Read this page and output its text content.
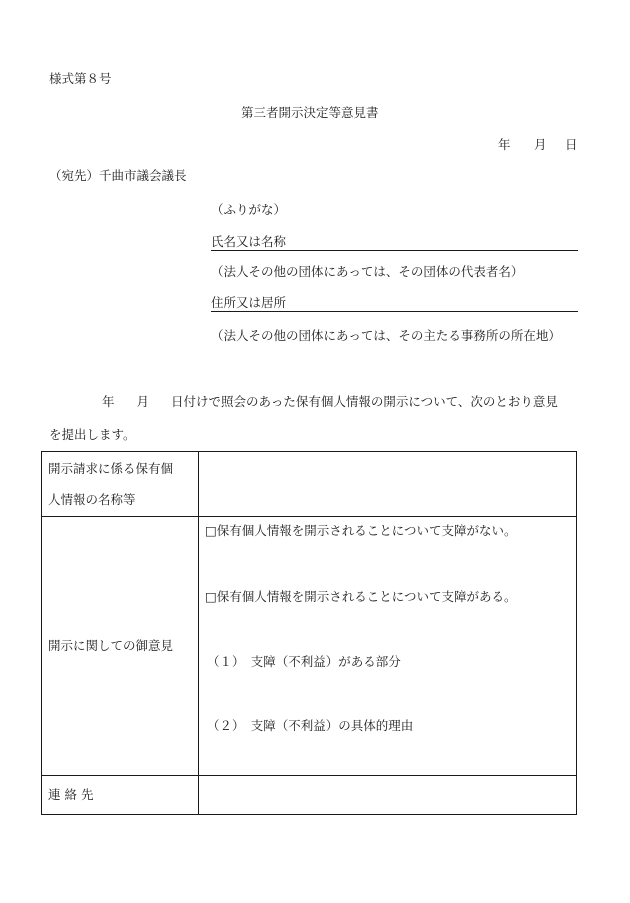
様式第８号
第三者開示決定等意見書
年 月 日
（宛先）千曲市議会議長
（ふりがな）
氏名又は名称
（法人その他の団体にあっては、その団体の代表者名）
住所又は居所
（法人その他の団体にあっては、その主たる事務所の所在地）
年 月 日付けで照会のあった保有個人情報の開示について、次のとおり意見
を提出します。
開示請求に係る保有個
人情報の名称等	

開示に関しての御意見	□保有個人情報を開示されることについて支障がない。
□保有個人情報を開示されることについて支障がある。
（１）　支障（不利益）がある部分
（２）　支障（不利益）の具体的理由

連 絡 先	
